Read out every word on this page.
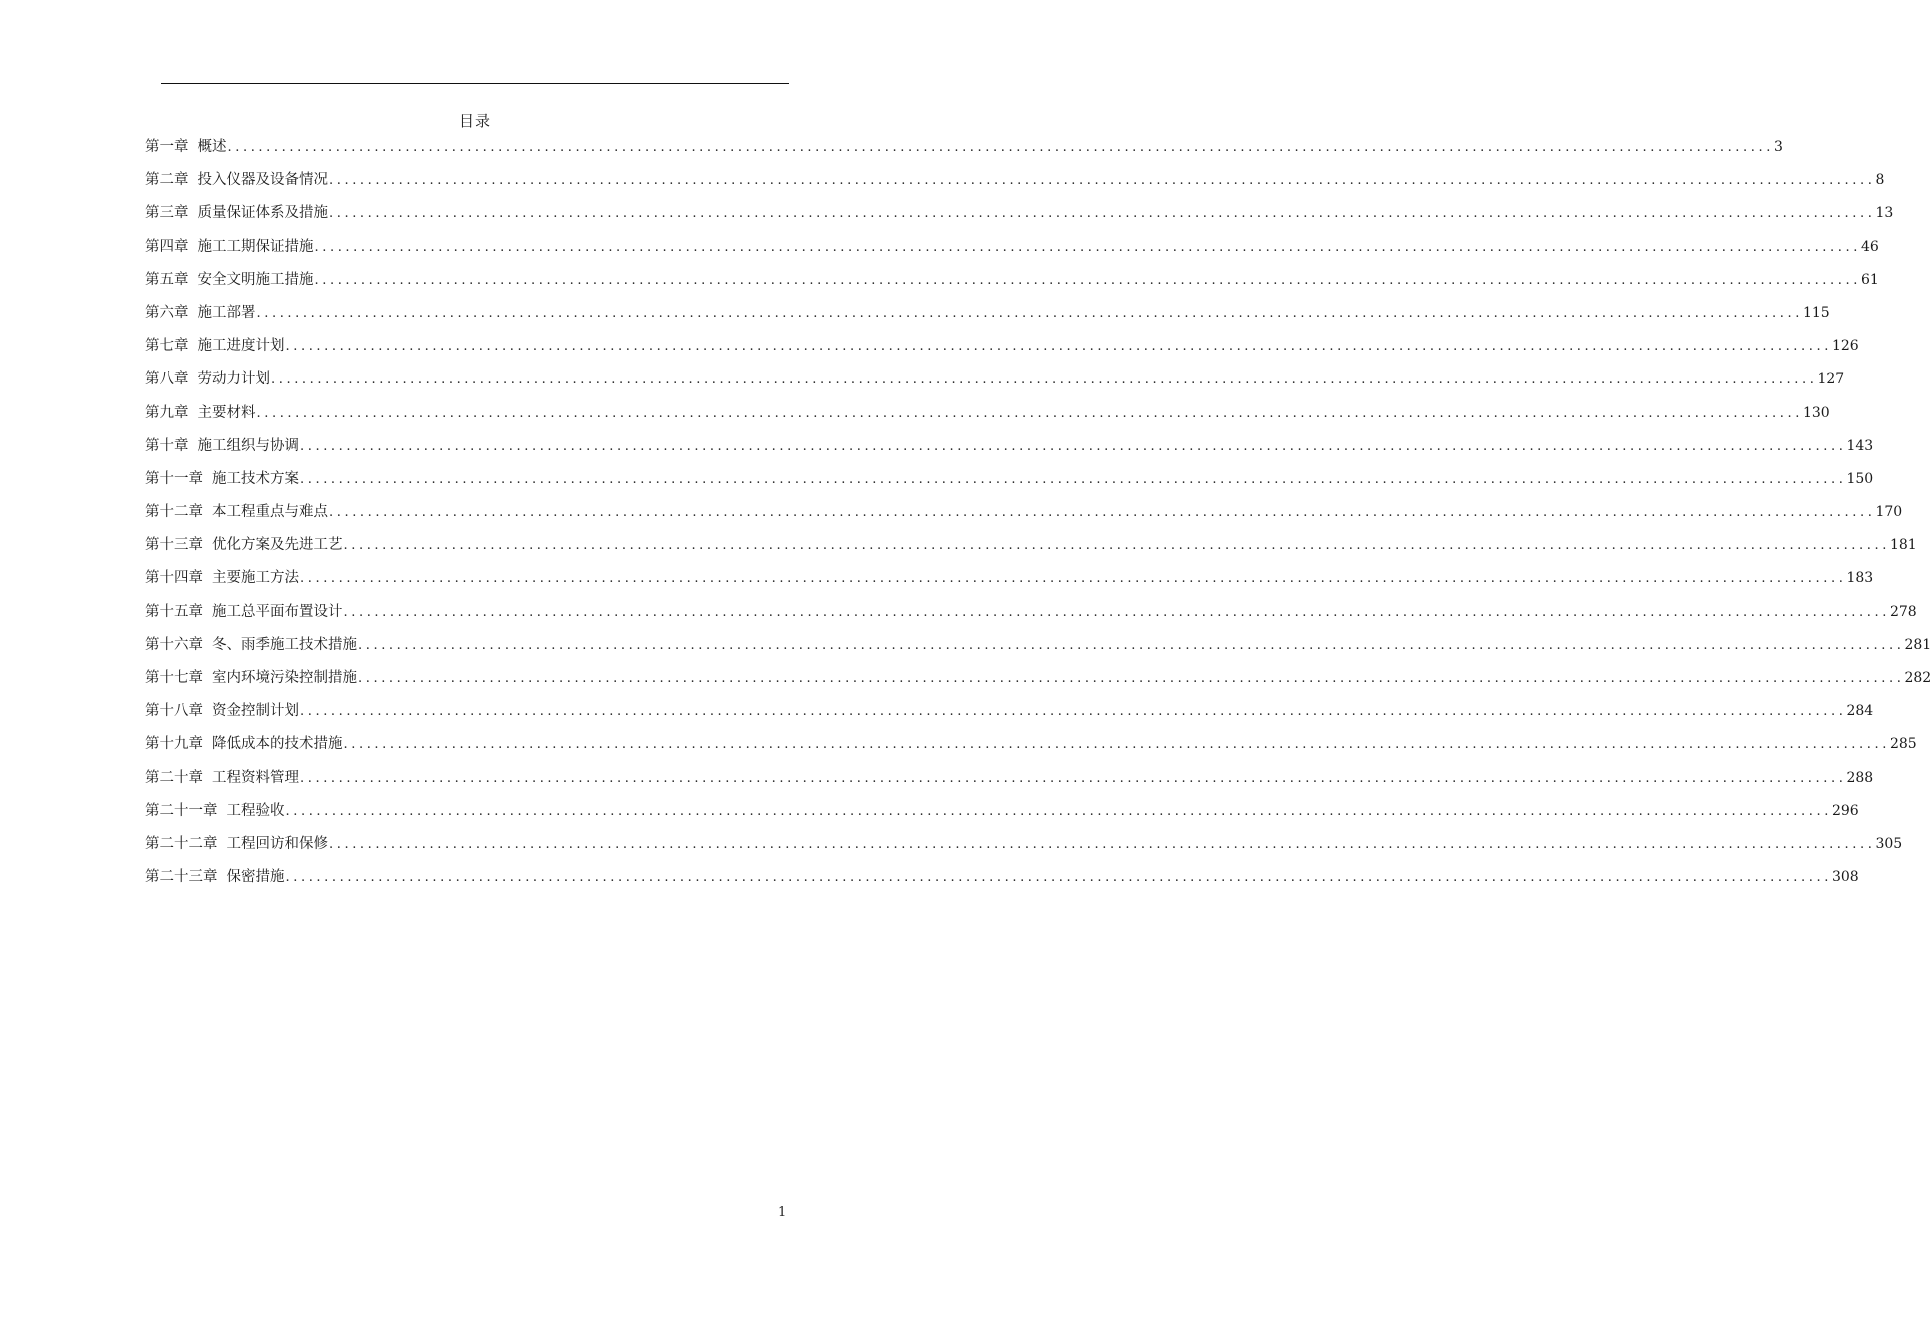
目录
第一章 概述 ........................................................................................................................................................................................................ 3
第二章 投入仪器及设备情况 ........................................................................................................................................................................................................ 8
第三章 质量保证体系及措施 ........................................................................................................................................................................................................ 13
第四章 施工工期保证措施 ........................................................................................................................................................................................................ 46
第五章 安全文明施工措施 ........................................................................................................................................................................................................ 61
第六章 施工部署 ........................................................................................................................................................................................................ 115
第七章 施工进度计划 ........................................................................................................................................................................................................ 126
第八章 劳动力计划 ........................................................................................................................................................................................................ 127
第九章 主要材料 ........................................................................................................................................................................................................ 130
第十章 施工组织与协调 ........................................................................................................................................................................................................ 143
第十一章 施工技术方案 ........................................................................................................................................................................................................ 150
第十二章 本工程重点与难点 ........................................................................................................................................................................................................ 170
第十三章 优化方案及先进工艺 ........................................................................................................................................................................................................ 181
第十四章 主要施工方法 ........................................................................................................................................................................................................ 183
第十五章 施工总平面布置设计 ........................................................................................................................................................................................................ 278
第十六章 冬、雨季施工技术措施 ........................................................................................................................................................................................................ 281
第十七章 室内环境污染控制措施 ........................................................................................................................................................................................................ 282
第十八章 资金控制计划 ........................................................................................................................................................................................................ 284
第十九章 降低成本的技术措施 ........................................................................................................................................................................................................ 285
第二十章 工程资料管理 ........................................................................................................................................................................................................ 288
第二十一章 工程验收 ........................................................................................................................................................................................................ 296
第二十二章 工程回访和保修 ........................................................................................................................................................................................................ 305
第二十三章 保密措施 ........................................................................................................................................................................................................ 308
1
